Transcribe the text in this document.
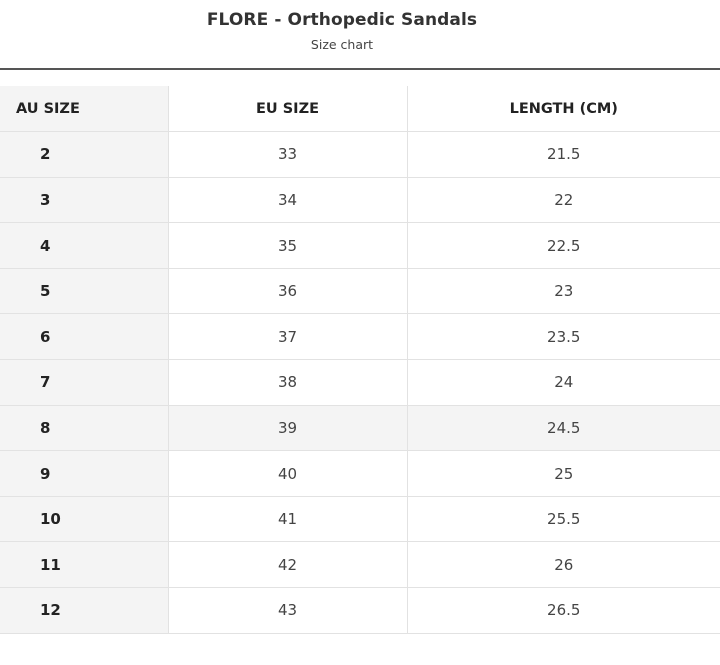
FLORE - Orthopedic Sandals
Size chart
AU SIZE	EU SIZE	LENGTH (CM)
2	33	21.5
3	34	22
4	35	22.5
5	36	23
6	37	23.5
7	38	24
8	39	24.5
9	40	25
10	41	25.5
11	42	26
12	43	26.5
